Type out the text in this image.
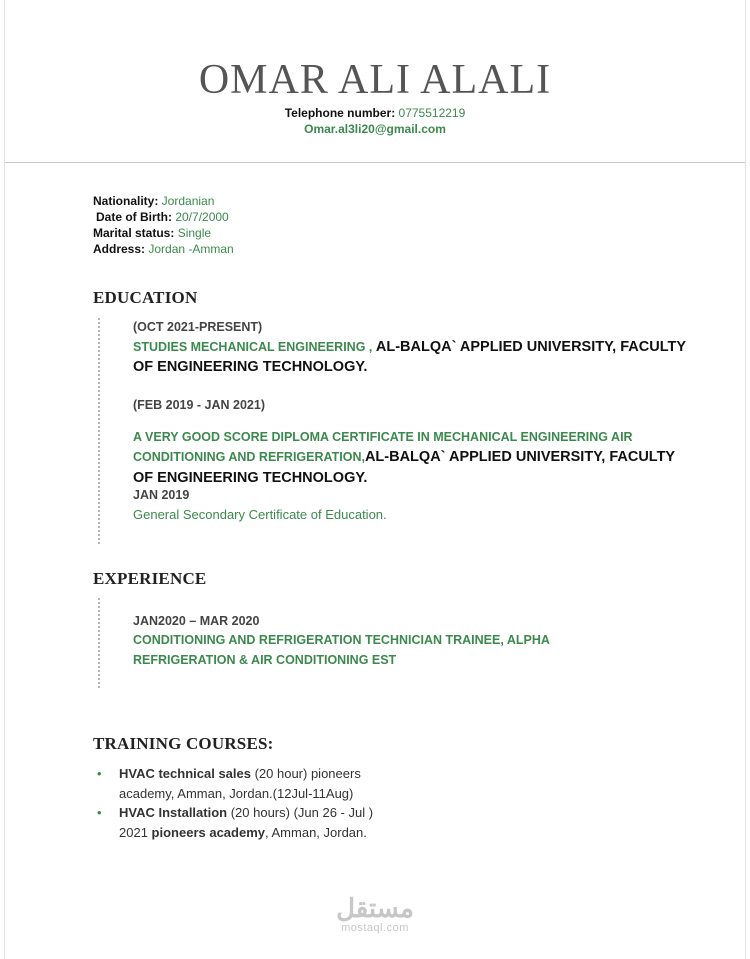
OMAR ALI ALALI
Telephone number: 0775512219
Omar.al3li20@gmail.com
Nationality: Jordanian
Date of Birth: 20/7/2000
Marital status: Single
Address: Jordan -Amman
EDUCATION
(OCT 2021-PRESENT)
STUDIES MECHANICAL ENGINEERING , AL-BALQA` APPLIED UNIVERSITY, FACULTY OF ENGINEERING TECHNOLOGY.
(FEB 2019 - JAN 2021)
A VERY GOOD SCORE DIPLOMA CERTIFICATE IN MECHANICAL ENGINEERING AIR CONDITIONING AND REFRIGERATION,AL-BALQA` APPLIED UNIVERSITY, FACULTY OF ENGINEERING TECHNOLOGY.
JAN 2019
General Secondary Certificate of Education.
EXPERIENCE
JAN2020 – MAR 2020
CONDITIONING AND REFRIGERATION TECHNICIAN TRAINEE, ALPHA REFRIGERATION & AIR CONDITIONING EST
TRAINING COURSES:
• HVAC technical sales (20 hour) pioneers academy, Amman, Jordan.(12Jul-11Aug)
• HVAC Installation (20 hours) (Jun 26 - Jul ) 2021 pioneers academy, Amman, Jordan.
مستقل
mostaql.com
